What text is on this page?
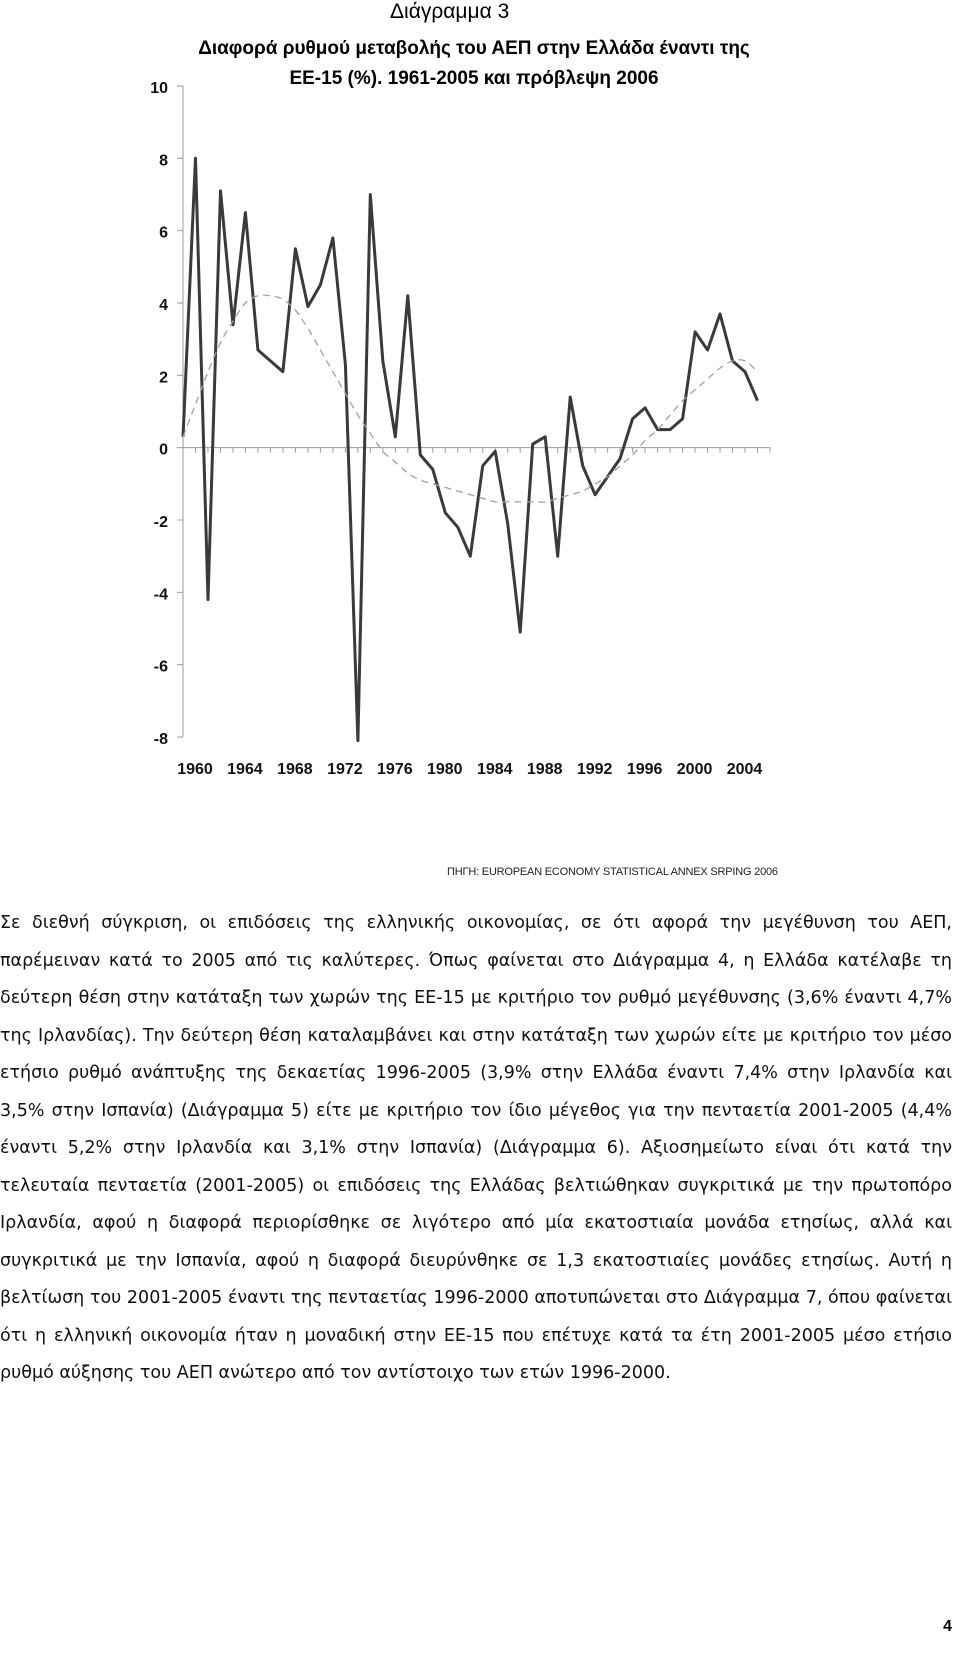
Διάγραμμα 3
Διαφορά ρυθμού μεταβολής του ΑΕΠ στην Ελλάδα έναντι της
ΕΕ-15 (%). 1961-2005 και πρόβλεψη 2006
10
8
6
4
2
0
-2
-4
-6
-8
1960 1964 1968 1972 1976 1980 1984 1988 1992 1996 2000 2004
ΠΗΓΗ: EUROPEAN ECONOMY STATISTICAL ANNEX SRPING 2006

Σε διεθνή σύγκριση, οι επιδόσεις της ελληνικής οικονομίας, σε ότι αφορά την μεγέθυνση του ΑΕΠ, παρέμειναν κατά το 2005 από τις καλύτερες. Όπως φαίνεται στο Διάγραμμα 4, η Ελλάδα κατέλαβε τη δεύτερη θέση στην κατάταξη των χωρών της ΕΕ-15 με κριτήριο τον ρυθμό μεγέθυνσης (3,6% έναντι 4,7% της Ιρλανδίας). Την δεύτερη θέση καταλαμβάνει και στην κατάταξη των χωρών είτε με κριτήριο τον μέσο ετήσιο ρυθμό ανάπτυξης της δεκαετίας 1996-2005 (3,9% στην Ελλάδα έναντι 7,4% στην Ιρλανδία και 3,5% στην Ισπανία) (Διάγραμμα 5) είτε με κριτήριο τον ίδιο μέγεθος για την πενταετία 2001-2005 (4,4% έναντι 5,2% στην Ιρλανδία και 3,1% στην Ισπανία) (Διάγραμμα 6). Αξιοσημείωτο είναι ότι κατά την τελευταία πενταετία (2001-2005) οι επιδόσεις της Ελλάδας βελτιώθηκαν συγκριτικά με την πρωτοπόρο Ιρλανδία, αφού η διαφορά περιορίσθηκε σε λιγότερο από μία εκατοστιαία μονάδα ετησίως, αλλά και συγκριτικά με την Ισπανία, αφού η διαφορά διευρύνθηκε σε 1,3 εκατοστιαίες μονάδες ετησίως. Αυτή η βελτίωση του 2001-2005 έναντι της πενταετίας 1996-2000 αποτυπώνεται στο Διάγραμμα 7, όπου φαίνεται ότι η ελληνική οικονομία ήταν η μοναδική στην ΕΕ-15 που επέτυχε κατά τα έτη 2001-2005 μέσο ετήσιο ρυθμό αύξησης του ΑΕΠ ανώτερο από τον αντίστοιχο των ετών 1996-2000.

4
